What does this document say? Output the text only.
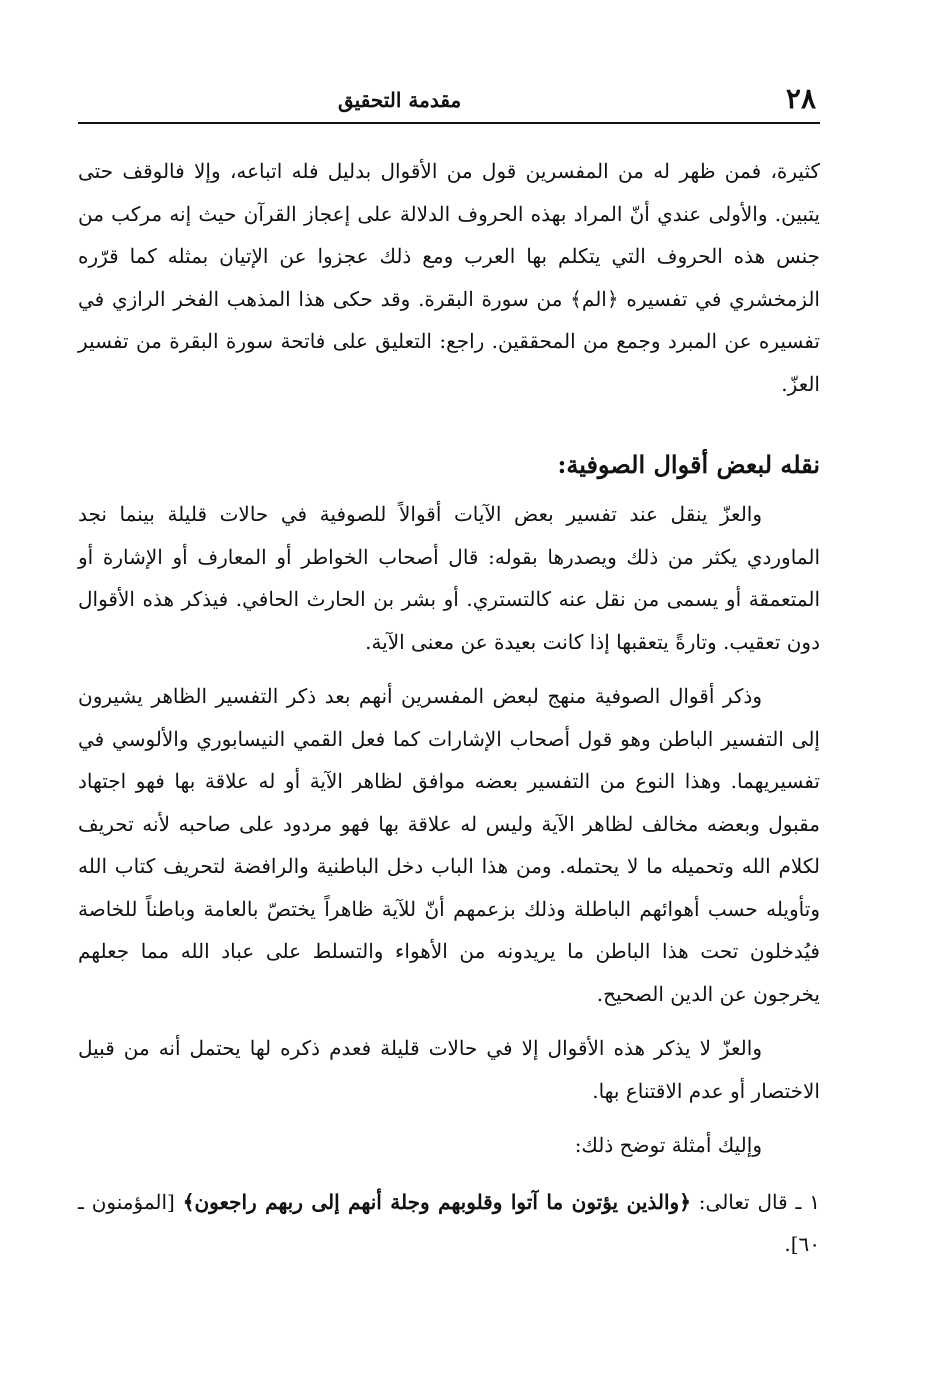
٢٨
مقدمة التحقيق

كثيرة، فمن ظهر له من المفسرين قول من الأقوال بدليل فله اتباعه، وإلا فالوقف حتى يتبين. والأولى عندي أنّ المراد بهذه الحروف الدلالة على إعجاز القرآن حيث إنه مركب من جنس هذه الحروف التي يتكلم بها العرب ومع ذلك عجزوا عن الإتيان بمثله كما قرّره الزمخشري في تفسيره ﴿الم﴾ من سورة البقرة. وقد حكى هذا المذهب الفخر الرازي في تفسيره عن المبرد وجمع من المحققين. راجع: التعليق على فاتحة سورة البقرة من تفسير العزّ.

نقله لبعض أقوال الصوفية:

والعزّ ينقل عند تفسير بعض الآيات أقوالاً للصوفية في حالات قليلة بينما نجد الماوردي يكثر من ذلك ويصدرها بقوله: قال أصحاب الخواطر أو المعارف أو الإشارة أو المتعمقة أو يسمى من نقل عنه كالتستري. أو بشر بن الحارث الحافي. فيذكر هذه الأقوال دون تعقيب. وتارةً يتعقبها إذا كانت بعيدة عن معنى الآية.

وذكر أقوال الصوفية منهج لبعض المفسرين أنهم بعد ذكر التفسير الظاهر يشيرون إلى التفسير الباطن وهو قول أصحاب الإشارات كما فعل القمي النيسابوري والألوسي في تفسيريهما. وهذا النوع من التفسير بعضه موافق لظاهر الآية أو له علاقة بها فهو اجتهاد مقبول وبعضه مخالف لظاهر الآية وليس له علاقة بها فهو مردود على صاحبه لأنه تحريف لكلام الله وتحميله ما لا يحتمله. ومن هذا الباب دخل الباطنية والرافضة لتحريف كتاب الله وتأويله حسب أهوائهم الباطلة وذلك بزعمهم أنّ للآية ظاهراً يختصّ بالعامة وباطناً للخاصة فيُدخلون تحت هذا الباطن ما يريدونه من الأهواء والتسلط على عباد الله مما جعلهم يخرجون عن الدين الصحيح.

والعزّ لا يذكر هذه الأقوال إلا في حالات قليلة فعدم ذكره لها يحتمل أنه من قبيل الاختصار أو عدم الاقتناع بها.

وإليك أمثلة توضح ذلك:

١ ـ قال تعالى: ﴿والذين يؤتون ما آتوا وقلوبهم وجلة أنهم إلى ربهم راجعون﴾ [المؤمنون ـ ٦٠].
